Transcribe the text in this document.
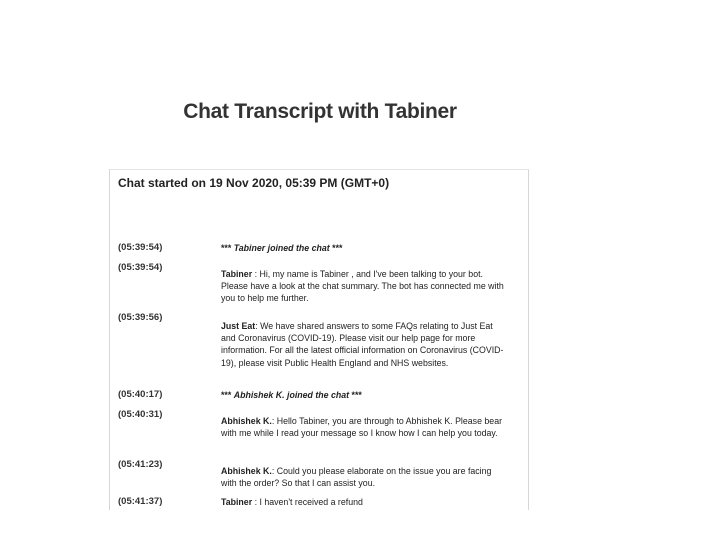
Chat Transcript with Tabiner
Chat started on 19 Nov 2020, 05:39 PM (GMT+0)
(05:39:54)	*** Tabiner joined the chat ***
(05:39:54)
Tabiner : Hi, my name is Tabiner , and I've been talking to your bot. Please have a look at the chat summary. The bot has connected me with you to help me further.
(05:39:56)
Just Eat: We have shared answers to some FAQs relating to Just Eat and Coronavirus (COVID-19). Please visit our help page for more information. For all the latest official information on Coronavirus (COVID-19), please visit Public Health England and NHS websites.
(05:40:17)	*** Abhishek K. joined the chat ***
(05:40:31)
Abhishek K.: Hello Tabiner, you are through to Abhishek K. Please bear with me while I read your message so I know how I can help you today.
(05:41:23)
Abhishek K.: Could you please elaborate on the issue you are facing with the order? So that I can assist you.
(05:41:37)	Tabiner : I haven't received a refund
